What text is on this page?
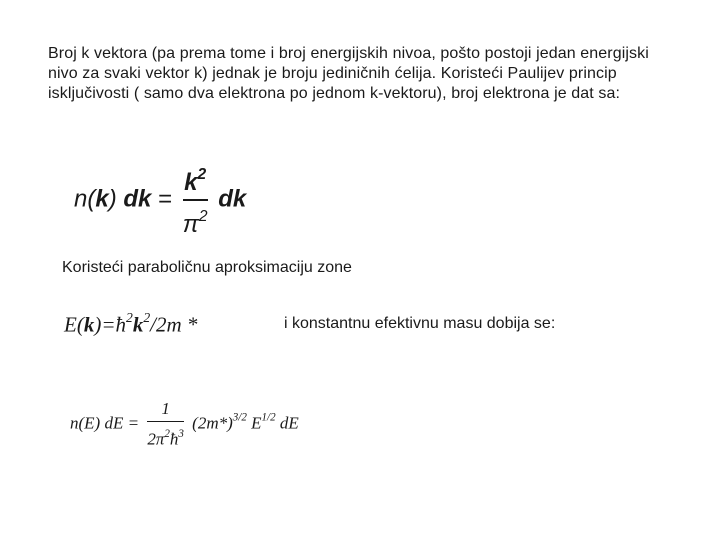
Broj k vektora (pa prema tome i broj energijskih nivoa, pošto postoji jedan energijski nivo za svaki vektor k) jednak je broju jediničnih ćelija. Koristeći Paulijev princip isključivosti ( samo dva elektrona po jednom k-vektoru), broj elektrona je dat sa:
n(k) dk = $\frac{k^2}{\pi^2}$ dk
Koristeći paraboličnu aproksimaciju zone
$E(k)=ħ^2k^2/2m$ *	i konstantnu efektivnu masu dobija se:
n(E) dE = $\frac{1}{2\pi^2ħ^3} (2m*)^{3/2}$ $E^{1/2}$ dE
